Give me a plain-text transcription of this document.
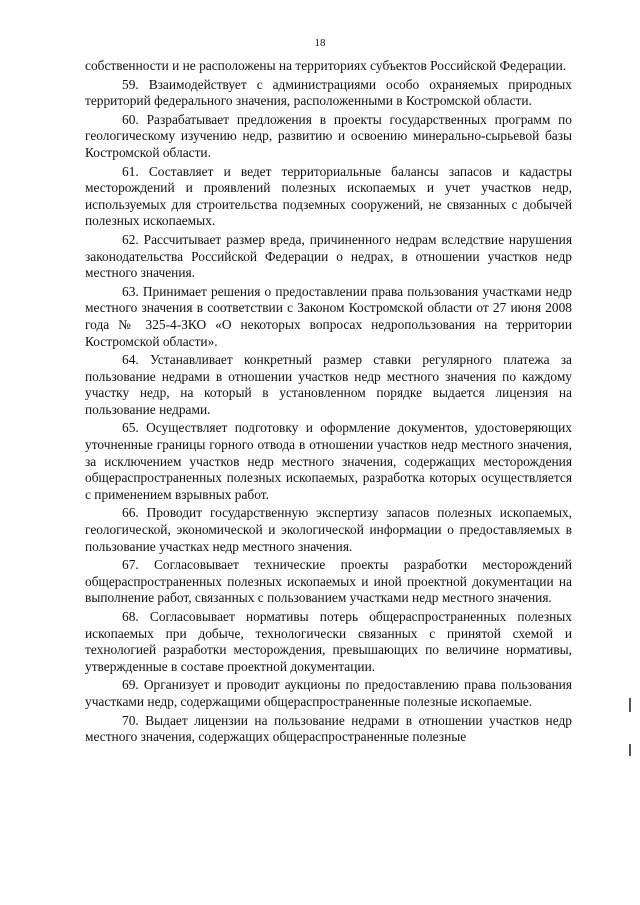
18

собственности и не расположены на территориях субъектов Российской Федерации.

59. Взаимодействует с администрациями особо охраняемых природных территорий федерального значения, расположенными в Костромской области.

60. Разрабатывает предложения в проекты государственных программ по геологическому изучению недр, развитию и освоению минерально-сырьевой базы Костромской области.

61. Составляет и ведет территориальные балансы запасов и кадастры месторождений и проявлений полезных ископаемых и учет участков недр, используемых для строительства подземных сооружений, не связанных с добычей полезных ископаемых.

62. Рассчитывает размер вреда, причиненного недрам вследствие нарушения законодательства Российской Федерации о недрах, в отношении участков недр местного значения.

63. Принимает решения о предоставлении права пользования участками недр местного значения в соответствии с Законом Костромской области от 27 июня 2008 года № 325-4-ЗКО «О некоторых вопросах недропользования на территории Костромской области».

64. Устанавливает конкретный размер ставки регулярного платежа за пользование недрами в отношении участков недр местного значения по каждому участку недр, на который в установленном порядке выдается лицензия на пользование недрами.

65. Осуществляет подготовку и оформление документов, удостоверяющих уточненные границы горного отвода в отношении участков недр местного значения, за исключением участков недр местного значения, содержащих месторождения общераспространенных полезных ископаемых, разработка которых осуществляется с применением взрывных работ.

66. Проводит государственную экспертизу запасов полезных ископаемых, геологической, экономической и экологической информации о предоставляемых в пользование участках недр местного значения.

67. Согласовывает технические проекты разработки месторождений общераспространенных полезных ископаемых и иной проектной документации на выполнение работ, связанных с пользованием участками недр местного значения.

68. Согласовывает нормативы потерь общераспространенных полезных ископаемых при добыче, технологически связанных с принятой схемой и технологией разработки месторождения, превышающих по величине нормативы, утвержденные в составе проектной документации.

69. Организует и проводит аукционы по предоставлению права пользования участками недр, содержащими общераспространенные полезные ископаемые.

70. Выдает лицензии на пользование недрами в отношении участков недр местного значения, содержащих общераспространенные полезные
